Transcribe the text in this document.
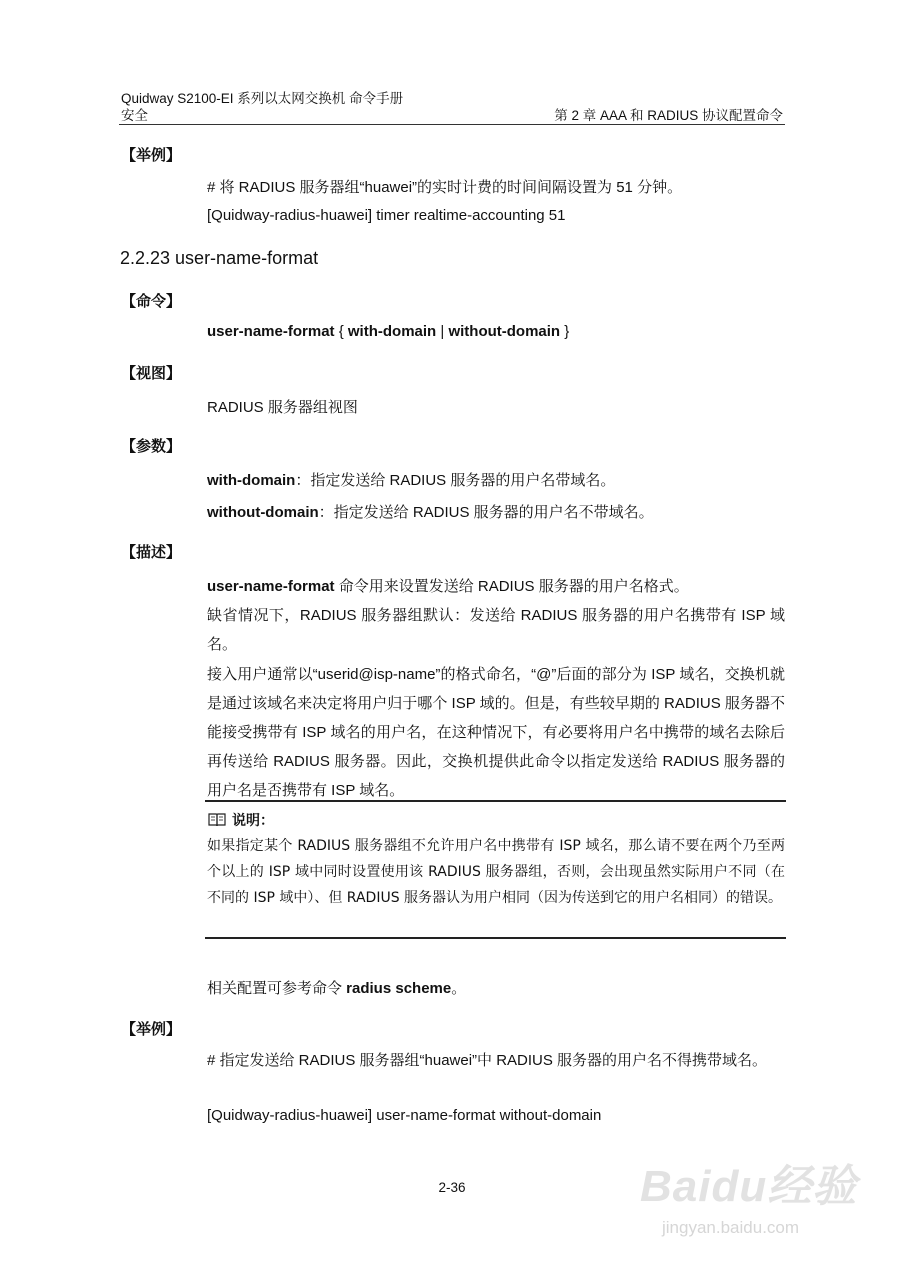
Quidway S2100-EI 系列以太网交换机 命令手册
安全	第 2 章 AAA 和 RADIUS 协议配置命令
【举例】
# 将 RADIUS 服务器组“huawei”的实时计费的时间间隔设置为 51 分钟。
[Quidway-radius-huawei] timer realtime-accounting 51
2.2.23 user-name-format
【命令】
user-name-format { with-domain | without-domain }
【视图】
RADIUS 服务器组视图
【参数】
with-domain：指定发送给 RADIUS 服务器的用户名带域名。
without-domain：指定发送给 RADIUS 服务器的用户名不带域名。
【描述】
user-name-format 命令用来设置发送给 RADIUS 服务器的用户名格式。
缺省情况下，RADIUS 服务器组默认：发送给 RADIUS 服务器的用户名携带有 ISP 域名。
接入用户通常以“userid@isp-name”的格式命名，“@”后面的部分为 ISP 域名，交换机就是通过该域名来决定将用户归于哪个 ISP 域的。但是，有些较早期的 RADIUS 服务器不能接受携带有 ISP 域名的用户名，在这种情况下，有必要将用户名中携带的域名去除后再传送给 RADIUS 服务器。因此，交换机提供此命令以指定发送给 RADIUS 服务器的用户名是否携带有 ISP 域名。
说明：
如果指定某个 RADIUS 服务器组不允许用户名中携带有 ISP 域名，那么请不要在两个乃至两个以上的 ISP 域中同时设置使用该 RADIUS 服务器组，否则，会出现虽然实际用户不同（在不同的 ISP 域中）、但 RADIUS 服务器认为用户相同（因为传送到它的用户名相同）的错误。
相关配置可参考命令 radius scheme。
【举例】
# 指定发送给 RADIUS 服务器组“huawei”中 RADIUS 服务器的用户名不得携带域名。
[Quidway-radius-huawei] user-name-format without-domain
2-36	Baidu经验
jingyan.baidu.com
